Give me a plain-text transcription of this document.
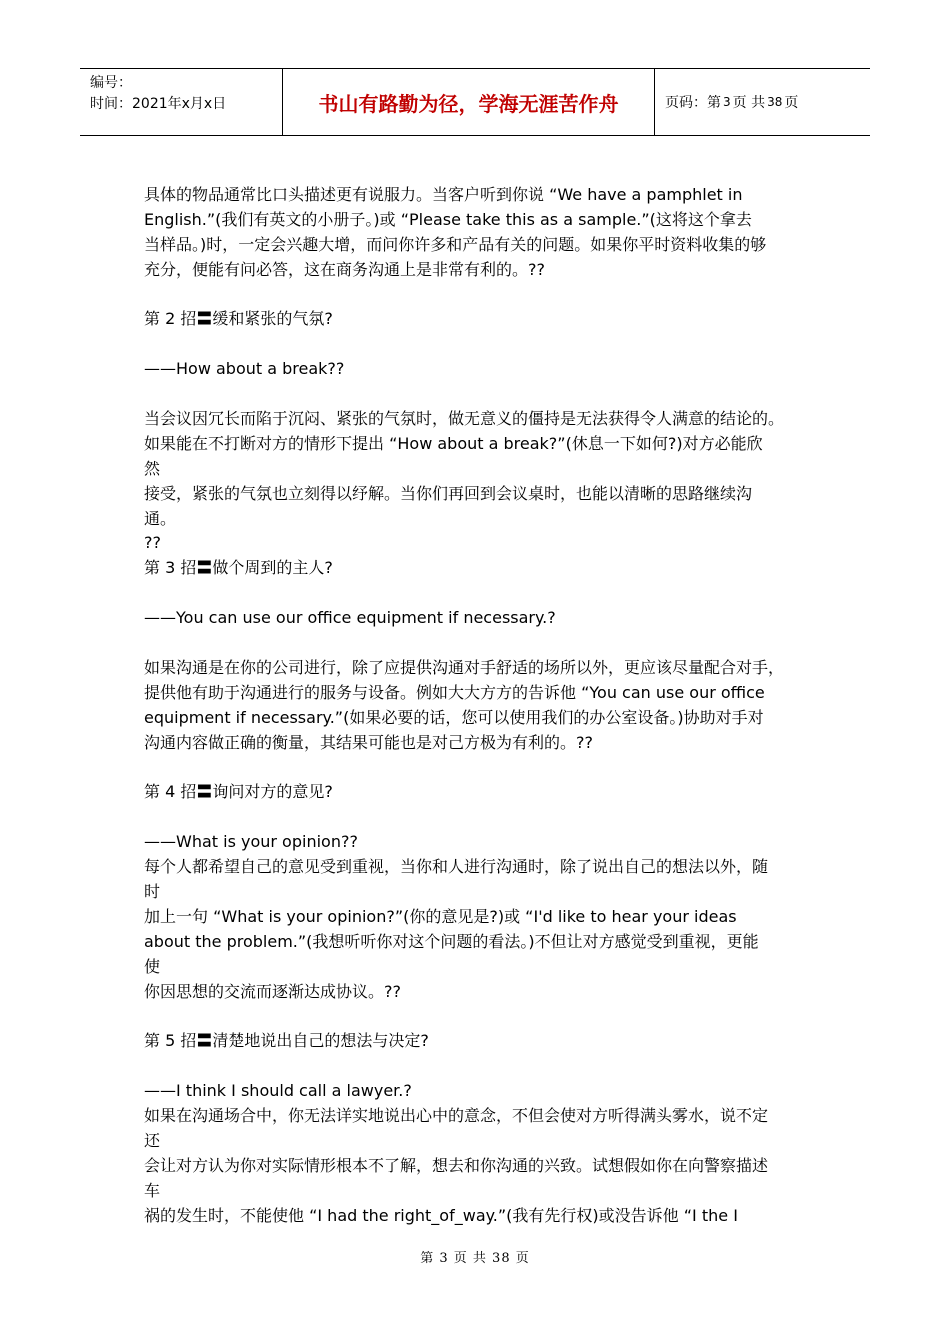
编号：
时间：2021年x月x日	书山有路勤为径，学海无涯苦作舟	页码：第 3 页 共 38 页
具体的物品通常比口头描述更有说服力。当客户听到你说 “We have a pamphlet in
English.”(我们有英文的小册子。)或 “Please take this as a sample.”(这将这个拿去
当样品。)时，一定会兴趣大增，而问你许多和产品有关的问题。如果你平时资料收集的够
充分，便能有问必答，这在商务沟通上是非常有利的。??
第 2 招〓缓和紧张的气氛?
——How about a break??
当会议因冗长而陷于沉闷、紧张的气氛时，做无意义的僵持是无法获得令人满意的结论的。
如果能在不打断对方的情形下提出 “How about a break?”(休息一下如何?)对方必能欣
然
接受，紧张的气氛也立刻得以纾解。当你们再回到会议桌时，也能以清晰的思路继续沟
通。
??
第 3 招〓做个周到的主人?
——You can use our office equipment if necessary.?
如果沟通是在你的公司进行，除了应提供沟通对手舒适的场所以外，更应该尽量配合对手，
提供他有助于沟通进行的服务与设备。例如大大方方的告诉他 “You can use our office
equipment if necessary.”(如果必要的话，您可以使用我们的办公室设备。)协助对手对
沟通内容做正确的衡量，其结果可能也是对己方极为有利的。??
第 4 招〓询问对方的意见?
——What is your opinion??
每个人都希望自己的意见受到重视，当你和人进行沟通时，除了说出自己的想法以外，随
时
加上一句 “What is your opinion?”(你的意见是?)或 “I'd like to hear your ideas
about the problem.”(我想听听你对这个问题的看法。)不但让对方感觉受到重视，更能
使
你因思想的交流而逐渐达成协议。??
第 5 招〓清楚地说出自己的想法与决定?
——I think I should call a lawyer.?
如果在沟通场合中，你无法详实地说出心中的意念，不但会使对方听得满头雾水，说不定
还
会让对方认为你对实际情形根本不了解，想去和你沟通的兴致。试想假如你在向警察描述
车
祸的发生时，不能使他 “I had the right_of_way.”(我有先行权)或没告诉他 “I the I
第 3 页 共 38 页
